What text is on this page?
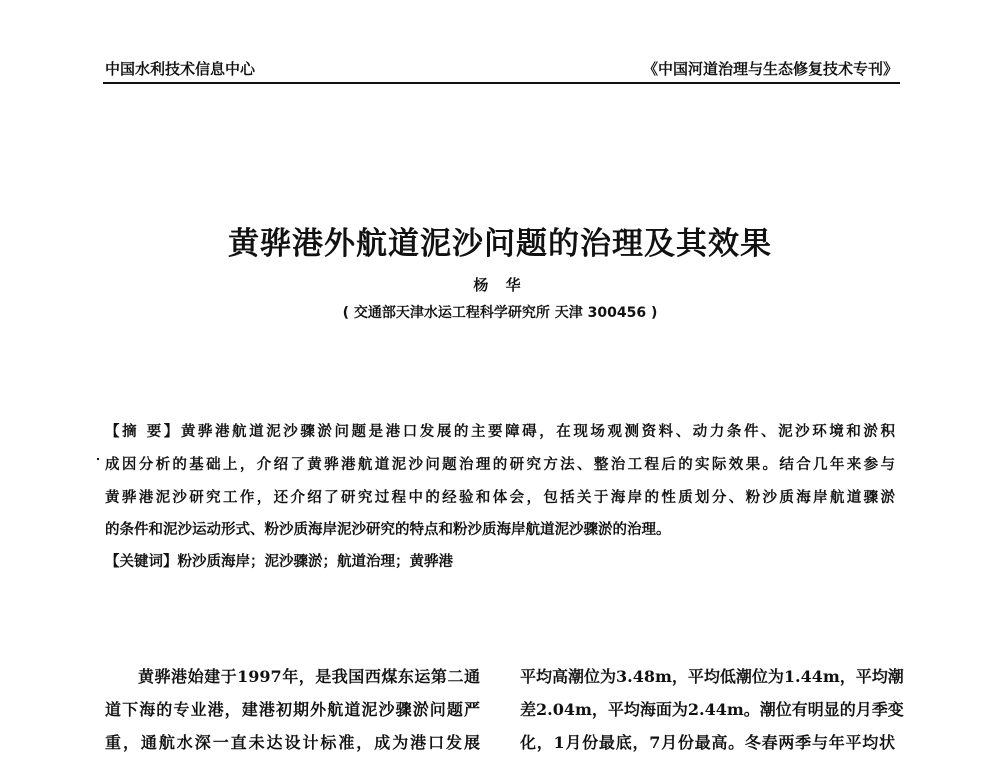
中国水利技术信息中心	《中国河道治理与生态修复技术专刊》
黄骅港外航道泥沙问题的治理及其效果
杨 华
( 交通部天津水运工程科学研究所 天津 300456 )
【摘 要】黄骅港航道泥沙骤淤问题是港口发展的主要障碍，在现场观测资料、动力条件、泥沙环境和淤积
成因分析的基础上，介绍了黄骅港航道泥沙问题治理的研究方法、整治工程后的实际效果。结合几年来参与
黄骅港泥沙研究工作，还介绍了研究过程中的经验和体会，包括关于海岸的性质划分、粉沙质海岸航道骤淤
的条件和泥沙运动形式、粉沙质海岸泥沙研究的特点和粉沙质海岸航道泥沙骤淤的治理。
【关键词】粉沙质海岸；泥沙骤淤；航道治理；黄骅港
黄骅港始建于1997年，是我国西煤东运第二通
道下海的专业港，建港初期外航道泥沙骤淤问题严
重，通航水深一直未达设计标准，成为港口发展
平均高潮位为3.48m，平均低潮位为1.44m，平均潮
差2.04m，平均海面为2.44m。潮位有明显的月季变
化，1月份最底，7月份最高。冬春两季与年平均状
